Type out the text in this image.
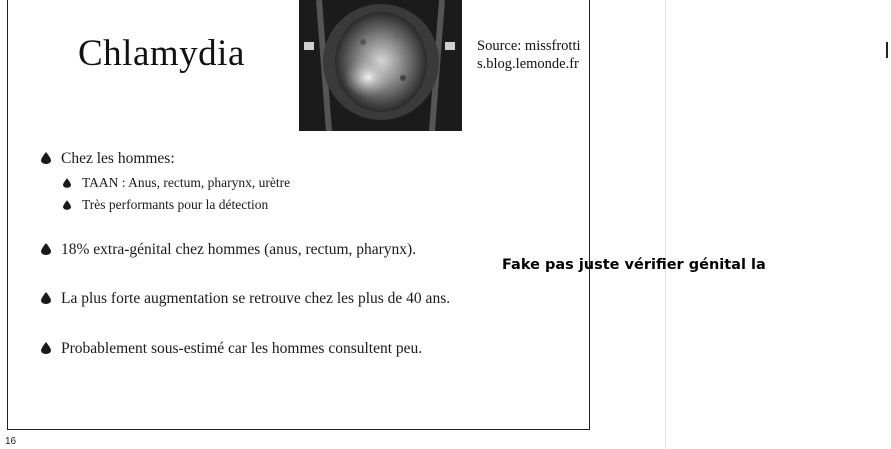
Chlamydia	Source: missfrottis.blog.lemonde.fr
Chez les hommes:
TAAN : Anus, rectum, pharynx, urètre
Très performants pour la détection
18% extra-génital chez hommes (anus, rectum, pharynx).
La plus forte augmentation se retrouve chez les plus de 40 ans.
Probablement sous-estimé car les hommes consultent peu.
Fake pas juste vérifier génital la
16
